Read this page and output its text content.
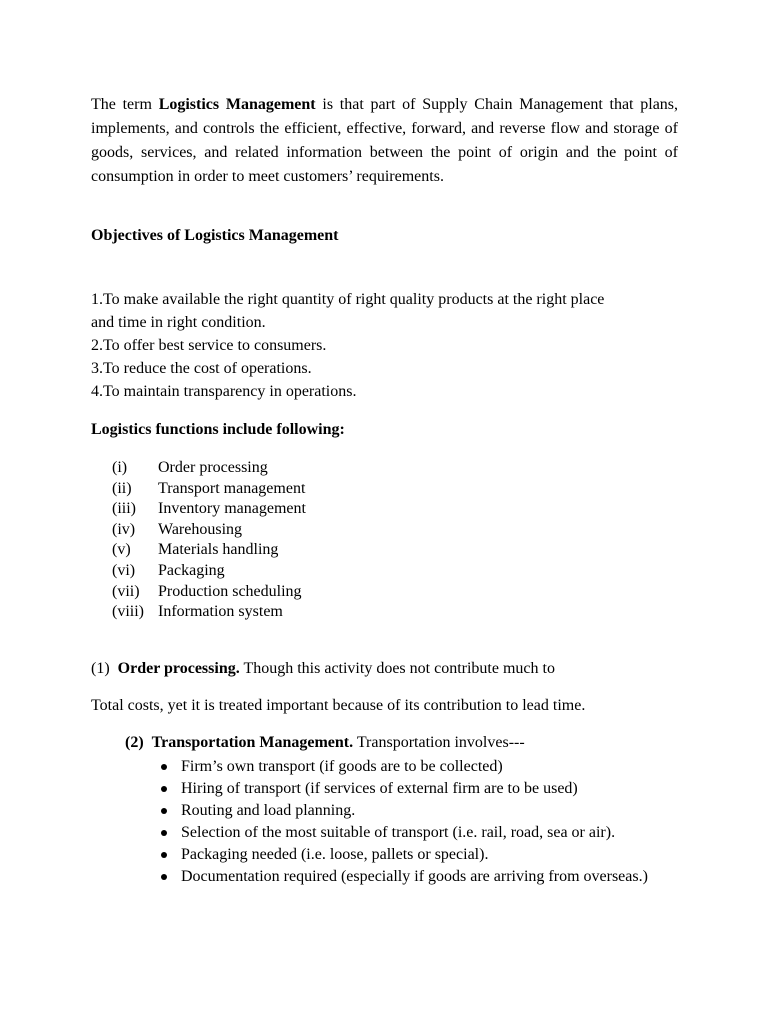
The term Logistics Management is that part of Supply Chain Management that plans, implements, and controls the efficient, effective, forward, and reverse flow and storage of goods, services, and related information between the point of origin and the point of consumption in order to meet customers’ requirements.
Objectives of Logistics Management
1.To make available the right quantity of right quality products at the right place
and time in right condition.
2.To offer best service to consumers.
3.To reduce the cost of operations.
4.To maintain transparency in operations.
Logistics functions include following:
(i)	Order processing
(ii)	Transport management
(iii)	Inventory management
(iv)	Warehousing
(v)	Materials handling
(vi)	Packaging
(vii)	Production scheduling
(viii) Information system
(1) Order processing. Though this activity does not contribute much to
Total costs, yet it is treated important because of its contribution to lead time.
(2) Transportation Management. Transportation involves---
Firm’s own transport (if goods are to be collected)
Hiring of transport (if services of external firm are to be used)
Routing and load planning.
Selection of the most suitable of transport (i.e. rail, road, sea or air).
Packaging needed (i.e. loose, pallets or special).
Documentation required (especially if goods are arriving from overseas.)
